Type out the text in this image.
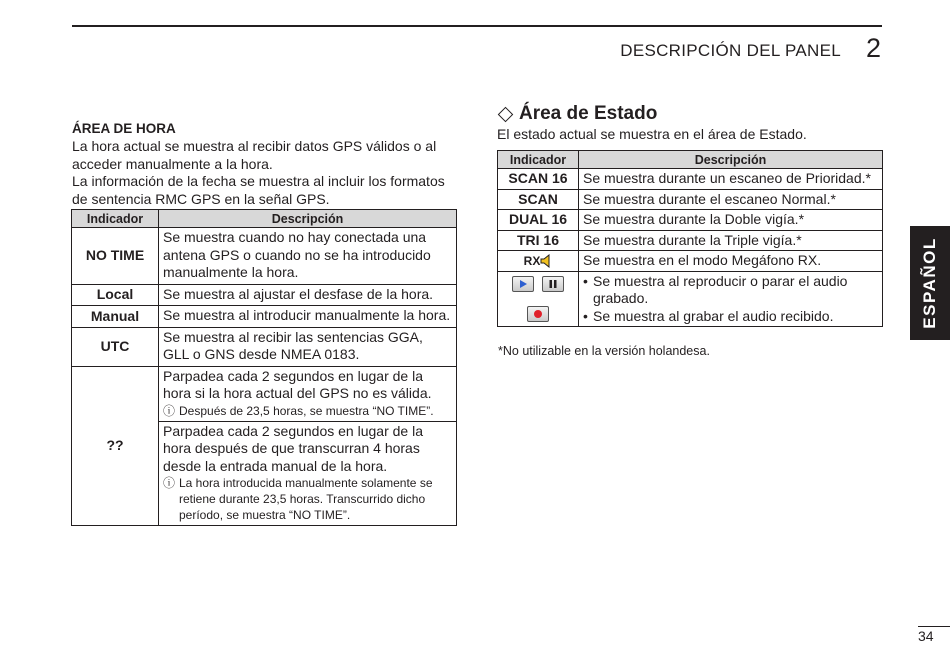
DESCRIPCIÓN DEL PANEL 2

ÁREA DE HORA

La hora actual se muestra al recibir datos GPS válidos o al acceder manualmente a la hora.

La información de la fecha se muestra al incluir los formatos de sentencia RMC GPS en la señal GPS.

Indicador	Descripción
NO TIME	Se muestra cuando no hay conectada una antena GPS o cuando no se ha introducido manualmente la hora.
Local	Se muestra al ajustar el desfase de la hora.
Manual	Se muestra al introducir manualmente la hora.
UTC	Se muestra al recibir las sentencias GGA, GLL o GNS desde NMEA 0183.
??	Parpadea cada 2 segundos en lugar de la hora si la hora actual del GPS no es válida.
ⓘ Después de 23,5 horas, se muestra “NO TIME”.

	Parpadea cada 2 segundos en lugar de la hora después de que transcurran 4 horas desde la entrada manual de la hora.
ⓘ La hora introducida manualmente solamente se retiene durante 23,5 horas. Transcurrido dicho período, se muestra “NO TIME”.
Área de Estado
El estado actual se muestra en el área de Estado.
Indicador	Descripción
SCAN 16	Se muestra durante un escaneo de Prioridad.*
SCAN	Se muestra durante el escaneo Normal.*
DUAL 16	Se muestra durante la Doble vigía.*
TRI 16	Se muestra durante la Triple vigía.*

RX	Se muestra en el modo Megáfono RX.

• Se muestra al reproducir o parar el audio grabado.
• Se muestra al grabar el audio recibido.
*No utilizable en la versión holandesa.
ESPAÑOL
34
